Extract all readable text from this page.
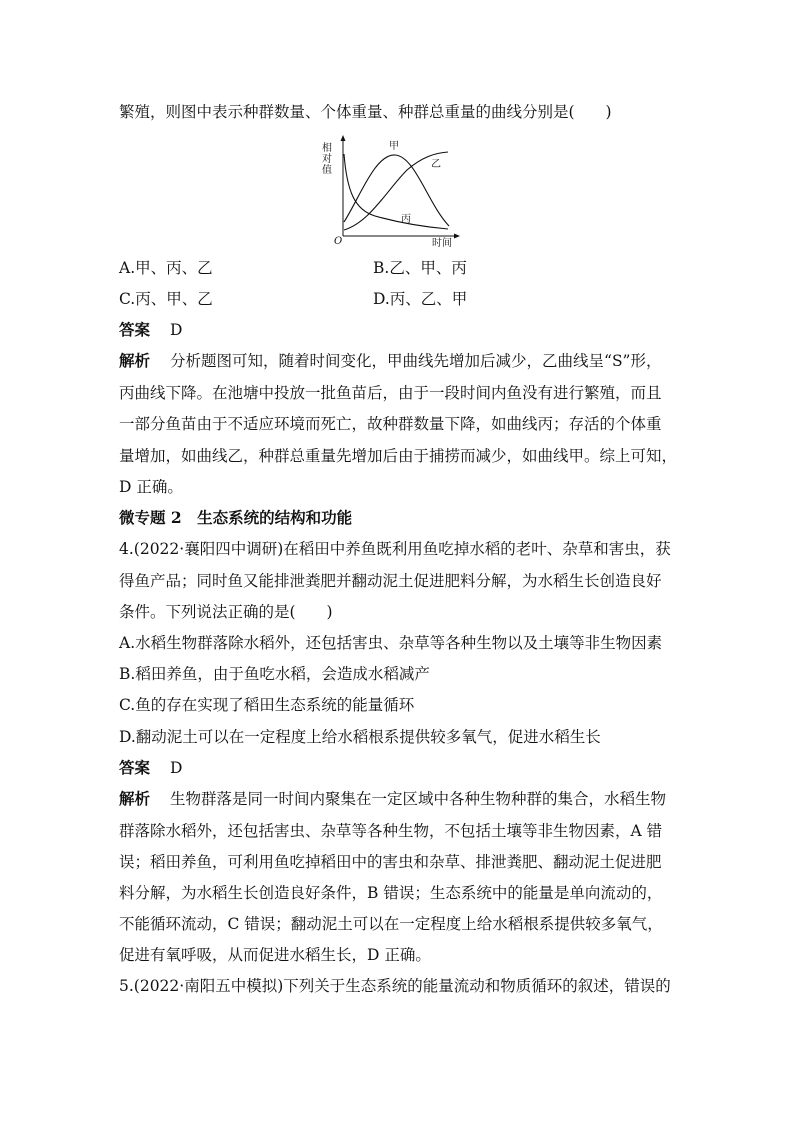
繁殖，则图中表示种群数量、个体重量、种群总重量的曲线分别是(　　)
相对值
O	时间
甲
乙
丙
A.甲、丙、乙	B.乙、甲、丙
C.丙、甲、乙	D.丙、乙、甲
答案 D
解析 分析题图可知，随着时间变化，甲曲线先增加后减少，乙曲线呈“S”形，
丙曲线下降。在池塘中投放一批鱼苗后，由于一段时间内鱼没有进行繁殖，而且
一部分鱼苗由于不适应环境而死亡，故种群数量下降，如曲线丙；存活的个体重
量增加，如曲线乙，种群总重量先增加后由于捕捞而减少，如曲线甲。综上可知，
D 正确。
微专题 2　生态系统的结构和功能
4.(2022·襄阳四中调研)在稻田中养鱼既利用鱼吃掉水稻的老叶、杂草和害虫，获
得鱼产品；同时鱼又能排泄粪肥并翻动泥土促进肥料分解，为水稻生长创造良好
条件。下列说法正确的是(　　)
A.水稻生物群落除水稻外，还包括害虫、杂草等各种生物以及土壤等非生物因素
B.稻田养鱼，由于鱼吃水稻，会造成水稻减产
C.鱼的存在实现了稻田生态系统的能量循环
D.翻动泥土可以在一定程度上给水稻根系提供较多氧气，促进水稻生长
答案 D
解析 生物群落是同一时间内聚集在一定区域中各种生物种群的集合，水稻生物
群落除水稻外，还包括害虫、杂草等各种生物，不包括土壤等非生物因素，A 错
误；稻田养鱼，可利用鱼吃掉稻田中的害虫和杂草、排泄粪肥、翻动泥土促进肥
料分解，为水稻生长创造良好条件，B 错误；生态系统中的能量是单向流动的，
不能循环流动，C 错误；翻动泥土可以在一定程度上给水稻根系提供较多氧气，
促进有氧呼吸，从而促进水稻生长，D 正确。
5.(2022·南阳五中模拟)下列关于生态系统的能量流动和物质循环的叙述，错误的
